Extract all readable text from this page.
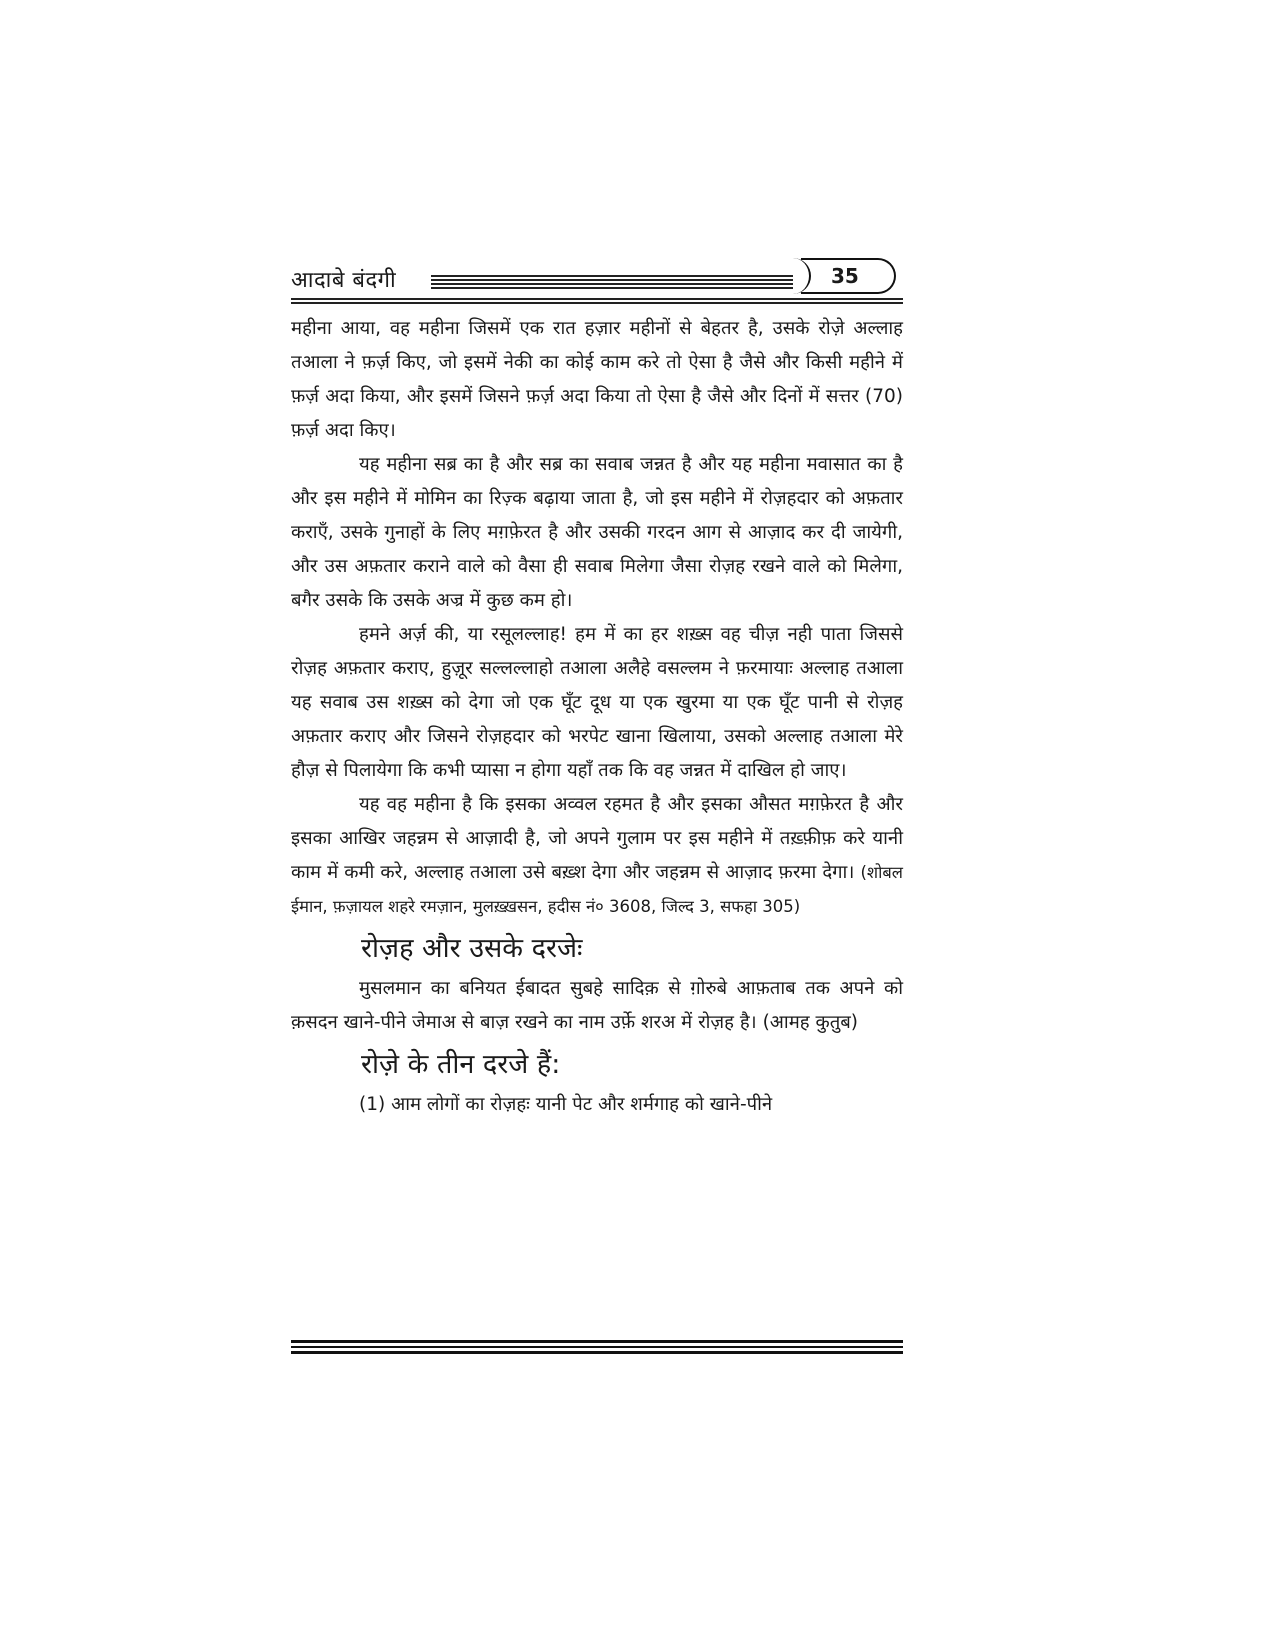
आदाबे बंदगी	35

महीना आया, वह महीना जिसमें एक रात हज़ार महीनों से बेहतर है, उसके रोज़े अल्लाह तआला ने फ़र्ज़ किए, जो इसमें नेकी का कोई काम करे तो ऐसा है जैसे और किसी महीने में फ़र्ज़ अदा किया, और इसमें जिसने फ़र्ज़ अदा किया तो ऐसा है जैसे और दिनों में सत्तर (70) फ़र्ज़ अदा किए।

यह महीना सब्र का है और सब्र का सवाब जन्नत है और यह महीना मवासात का है और इस महीने में मोमिन का रिज़्क बढ़ाया जाता है, जो इस महीने में रोज़हदार को अफ़तार कराएँ, उसके गुनाहों के लिए मग़फ़ेरत है और उसकी गरदन आग से आज़ाद कर दी जायेगी, और उस अफ़तार कराने वाले को वैसा ही सवाब मिलेगा जैसा रोज़ह रखने वाले को मिलेगा, बगैर उसके कि उसके अज्र में कुछ कम हो।

हमने अर्ज़ की, या रसूलल्लाह! हम में का हर शख़्स वह चीज़ नही पाता जिससे रोज़ह अफ़तार कराए, हुज़ूर सल्लल्लाहो तआला अलैहे वसल्लम ने फ़रमायाः अल्लाह तआला यह सवाब उस शख़्स को देगा जो एक घूँट दूध या एक खुरमा या एक घूँट पानी से रोज़ह अफ़तार कराए और जिसने रोज़हदार को भरपेट खाना खिलाया, उसको अल्लाह तआला मेरे हौज़ से पिलायेगा कि कभी प्यासा न होगा यहाँ तक कि वह जन्नत में दाखिल हो जाए।

यह वह महीना है कि इसका अव्वल रहमत है और इसका औसत मग़फ़ेरत है और इसका आखिर जहन्नम से आज़ादी है, जो अपने गुलाम पर इस महीने में तख़्फ़ीफ़ करे यानी काम में कमी करे, अल्लाह तआला उसे बख़्श देगा और जहन्नम से आज़ाद फ़रमा देगा। (शोबल ईमान, फ़ज़ायल शहरे रमज़ान, मुलख़्ख़सन, हदीस नं० 3608, जिल्द 3, सफहा 305)

रोज़ह और उसके दरजेः

मुसलमान का बनियत ईबादत सुबहे सादिक़ से ग़ोरुबे आफ़ताब तक अपने को क़सदन खाने-पीने जेमाअ से बाज़ रखने का नाम उर्फ़े शरअ में रोज़ह है। (आमह कुतुब)

रोज़े के तीन दरजे हैं:

(1) आम लोगों का रोज़हः यानी पेट और शर्मगाह को खाने-पीने
